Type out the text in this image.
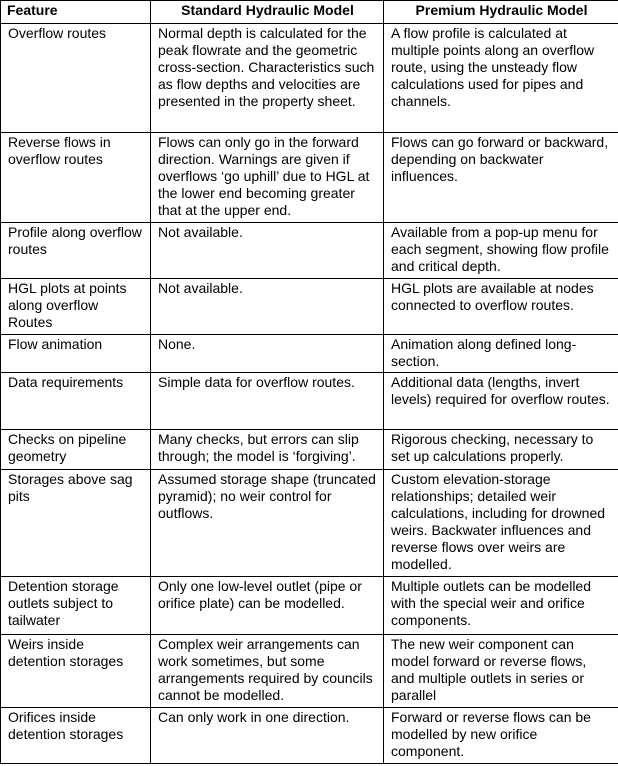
Feature	Standard Hydraulic Model	Premium Hydraulic Model
Overflow routes	Normal depth is calculated for the peak flowrate and the geometric cross-section. Characteristics such as flow depths and velocities are presented in the property sheet.	A flow profile is calculated at multiple points along an overflow route, using the unsteady flow calculations used for pipes and channels.
Reverse flows in overflow routes	Flows can only go in the forward direction. Warnings are given if overflows ‘go uphill’ due to HGL at the lower end becoming greater that at the upper end.	Flows can go forward or backward, depending on backwater influences.
Profile along overflow routes	Not available.	Available from a pop-up menu for each segment, showing flow profile and critical depth.
HGL plots at points along overflow Routes	Not available.	HGL plots are available at nodes connected to overflow routes.
Flow animation	None.	Animation along defined long-section.
Data requirements	Simple data for overflow routes.	Additional data (lengths, invert levels) required for overflow routes.
Checks on pipeline geometry	Many checks, but errors can slip through; the model is ‘forgiving’.	Rigorous checking, necessary to set up calculations properly.
Storages above sag pits	Assumed storage shape (truncated pyramid); no weir control for outflows.	Custom elevation-storage relationships; detailed weir calculations, including for drowned weirs. Backwater influences and reverse flows over weirs are modelled.
Detention storage outlets subject to tailwater	Only one low-level outlet (pipe or orifice plate) can be modelled.	Multiple outlets can be modelled with the special weir and orifice components.
Weirs inside detention storages	Complex weir arrangements can work sometimes, but some arrangements required by councils cannot be modelled.	The new weir component can model forward or reverse flows, and multiple outlets in series or parallel
Orifices inside detention storages	Can only work in one direction.	Forward or reverse flows can be modelled by new orifice component.
